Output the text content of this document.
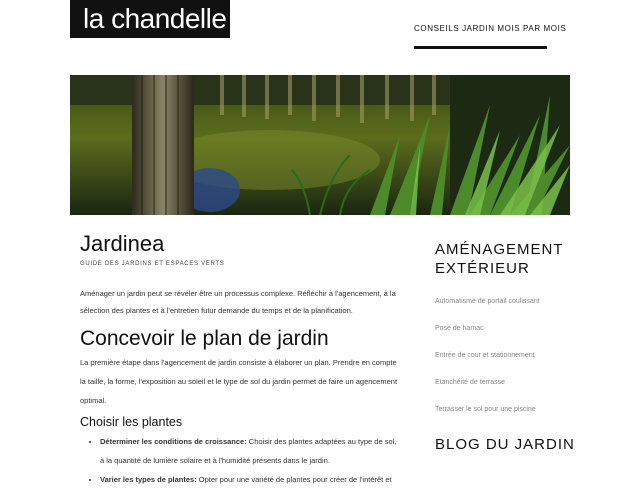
la chandelle	CONSEILS JARDIN MOIS PAR MOIS
Jardinea
GUIDE DES JARDINS ET ESPACES VERTS
Aménager un jardin peut se révéler être un processus complexe. Réfléchir à l'agencement, à la sélection des plantes et à l'entretien futur demande du temps et de la planification.
Concevoir le plan de jardin
La première étape dans l'agencement de jardin consiste à élaborer un plan. Prendre en compte la taille, la forme, l'exposition au soleil et le type de sol du jardin permet de faire un agencement optimal.
Choisir les plantes
• Déterminer les conditions de croissance: Choisir des plantes adaptées au type de sol, à la quantité de lumière solaire et à l'humidité présents dans le jardin.
• Varier les types de plantes: Opter pour une variété de plantes pour créer de l'intérêt et
AMÉNAGEMENT EXTÉRIEUR
Automatisme de portail coulissant
Pose de hamac
Entrée de cour et stationnement
Etanchéité de terrasse
Terrasser le sol pour une piscine
BLOG DU JARDIN
